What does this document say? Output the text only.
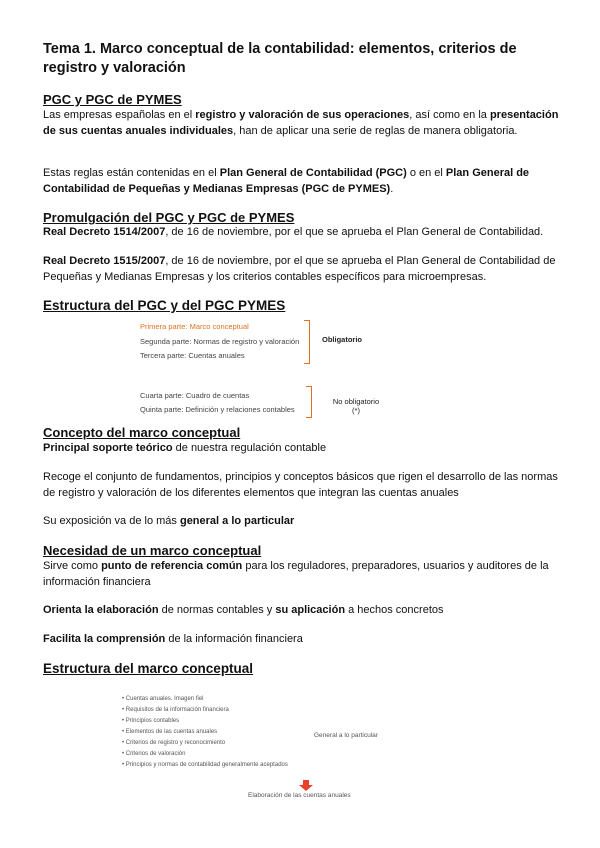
Tema 1. Marco conceptual de la contabilidad: elementos, criterios de registro y valoración
PGC y PGC de PYMES
Las empresas españolas en el registro y valoración de sus operaciones, así como en la presentación de sus cuentas anuales individuales, han de aplicar una serie de reglas de manera obligatoria.
Estas reglas están contenidas en el Plan General de Contabilidad (PGC) o en el Plan General de Contabilidad de Pequeñas y Medianas Empresas (PGC de PYMES).
Promulgación del PGC y PGC de PYMES
Real Decreto 1514/2007, de 16 de noviembre, por el que se aprueba el Plan General de Contabilidad.
Real Decreto 1515/2007, de 16 de noviembre, por el que se aprueba el Plan General de Contabilidad de Pequeñas y Medianas Empresas y los criterios contables específicos para microempresas.
Estructura del PGC y del PGC PYMES
Primera parte: Marco conceptual
Segunda parte: Normas de registro y valoración
Tercera parte: Cuentas anuales
Obligatorio
Cuarta parte: Cuadro de cuentas
Quinta parte: Definición y relaciones contables
No obligatorio
(*)
Concepto del marco conceptual
Principal soporte teórico de nuestra regulación contable
Recoge el conjunto de fundamentos, principios y conceptos básicos que rigen el desarrollo de las normas de registro y valoración de los diferentes elementos que integran las cuentas anuales
Su exposición va de lo más general a lo particular
Necesidad de un marco conceptual
Sirve como punto de referencia común para los reguladores, preparadores, usuarios y auditores de la información financiera
Orienta la elaboración de normas contables y su aplicación a hechos concretos
Facilita la comprensión de la información financiera
Estructura del marco conceptual
• Cuentas anuales. Imagen fiel
• Requisitos de la información financiera
• Principios contables
• Elementos de las cuentas anuales
• Criterios de registro y reconocimiento
• Criterios de valoración
• Principios y normas de contabilidad generalmente aceptados
General a lo particular
Elaboración de las cuentas anuales
